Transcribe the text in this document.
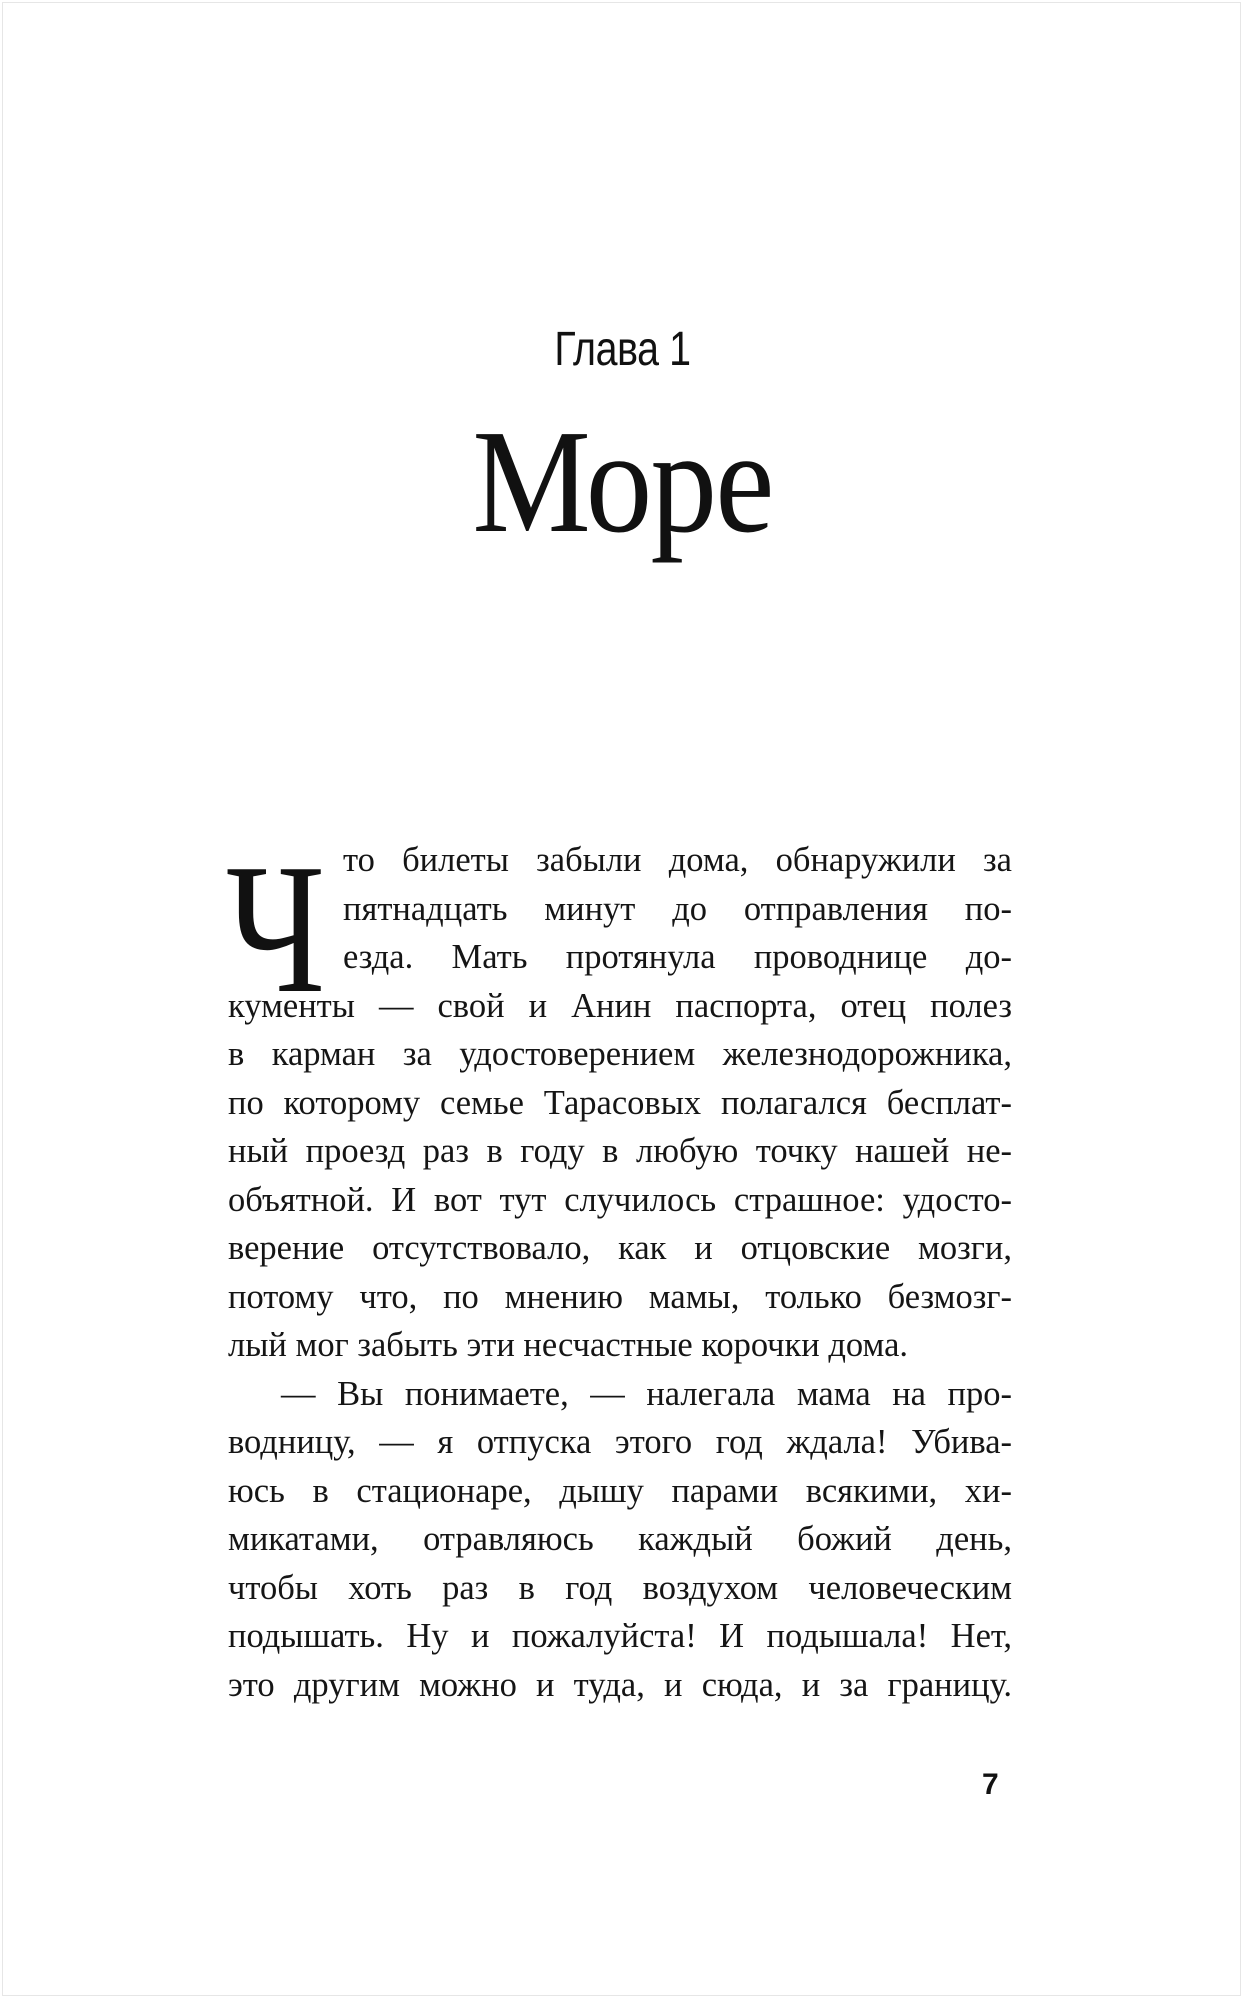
Глава 1
Море
Ч то билеты забыли дома, обнаружили за
пятнадцать минут до отправления по-
езда. Мать протянула проводнице до-
кументы — свой и Анин паспорта, отец полез
в карман за удостоверением железнодорожника,
по которому семье Тарасовых полагался бесплат-
ный проезд раз в году в любую точку нашей не-
объятной. И вот тут случилось страшное: удосто-
верение отсутствовало, как и отцовские мозги,
потому что, по мнению мамы, только безмозг-
лый мог забыть эти несчастные корочки дома.
— Вы понимаете, — налегала мама на про-
водницу, — я отпуска этого год ждала! Убива-
юсь в стационаре, дышу парами всякими, хи-
микатами, отравляюсь каждый божий день,
чтобы хоть раз в год воздухом человеческим
подышать. Ну и пожалуйста! И подышала! Нет,
это другим можно и туда, и сюда, и за границу.
7
